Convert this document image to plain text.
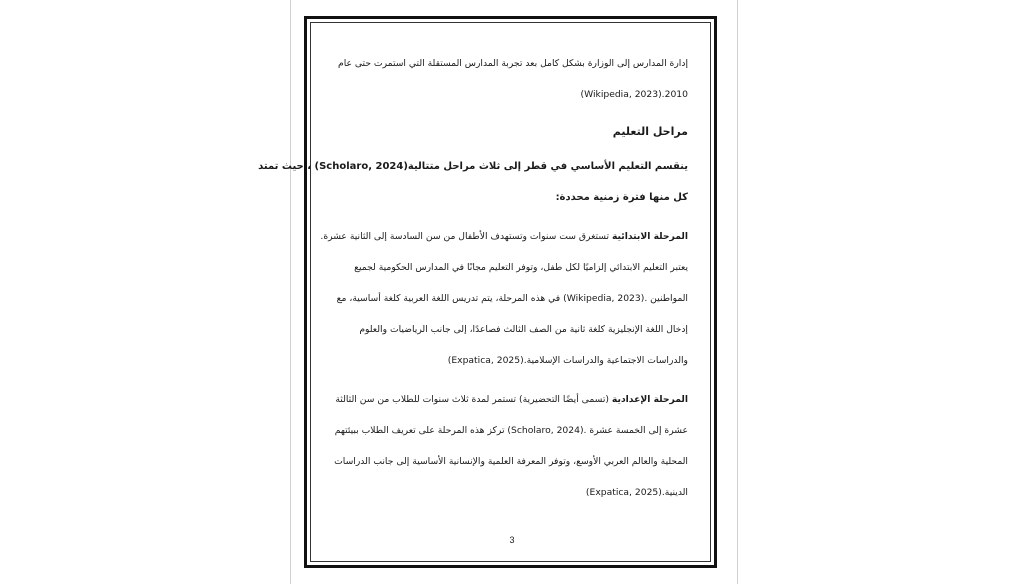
إدارة المدارس إلى الوزارة بشكل كامل بعد تجربة المدارس المستقلة التي استمرت حتى عام
2010.(Wikipedia, 2023)

مراحل التعليم

ينقسم التعليم الأساسي في قطر إلى ثلاث مراحل متتالية(Scholaro, 2024) ، حيث تمتد
كل منها فترة زمنية محددة:

المرحلة الابتدائية تستغرق ست سنوات وتستهدف الأطفال من سن السادسة إلى الثانية عشرة.
يعتبر التعليم الابتدائي إلزاميًا لكل طفل، وتوفر التعليم مجانًا في المدارس الحكومية لجميع
المواطنين .(Wikipedia, 2023) في هذه المرحلة، يتم تدريس اللغة العربية كلغة أساسية، مع
إدخال اللغة الإنجليزية كلغة ثانية من الصف الثالث فصاعدًا، إلى جانب الرياضيات والعلوم
والدراسات الاجتماعية والدراسات الإسلامية.(Expatica, 2025)

المرحلة الإعدادية (تسمى أيضًا التحضيرية) تستمر لمدة ثلاث سنوات للطلاب من سن الثالثة
عشرة إلى الخمسة عشرة .(Scholaro, 2024) تركز هذه المرحلة على تعريف الطلاب ببيئتهم
المحلية والعالم العربي الأوسع، وتوفر المعرفة العلمية والإنسانية الأساسية إلى جانب الدراسات
الدينية.(Expatica, 2025)

3
